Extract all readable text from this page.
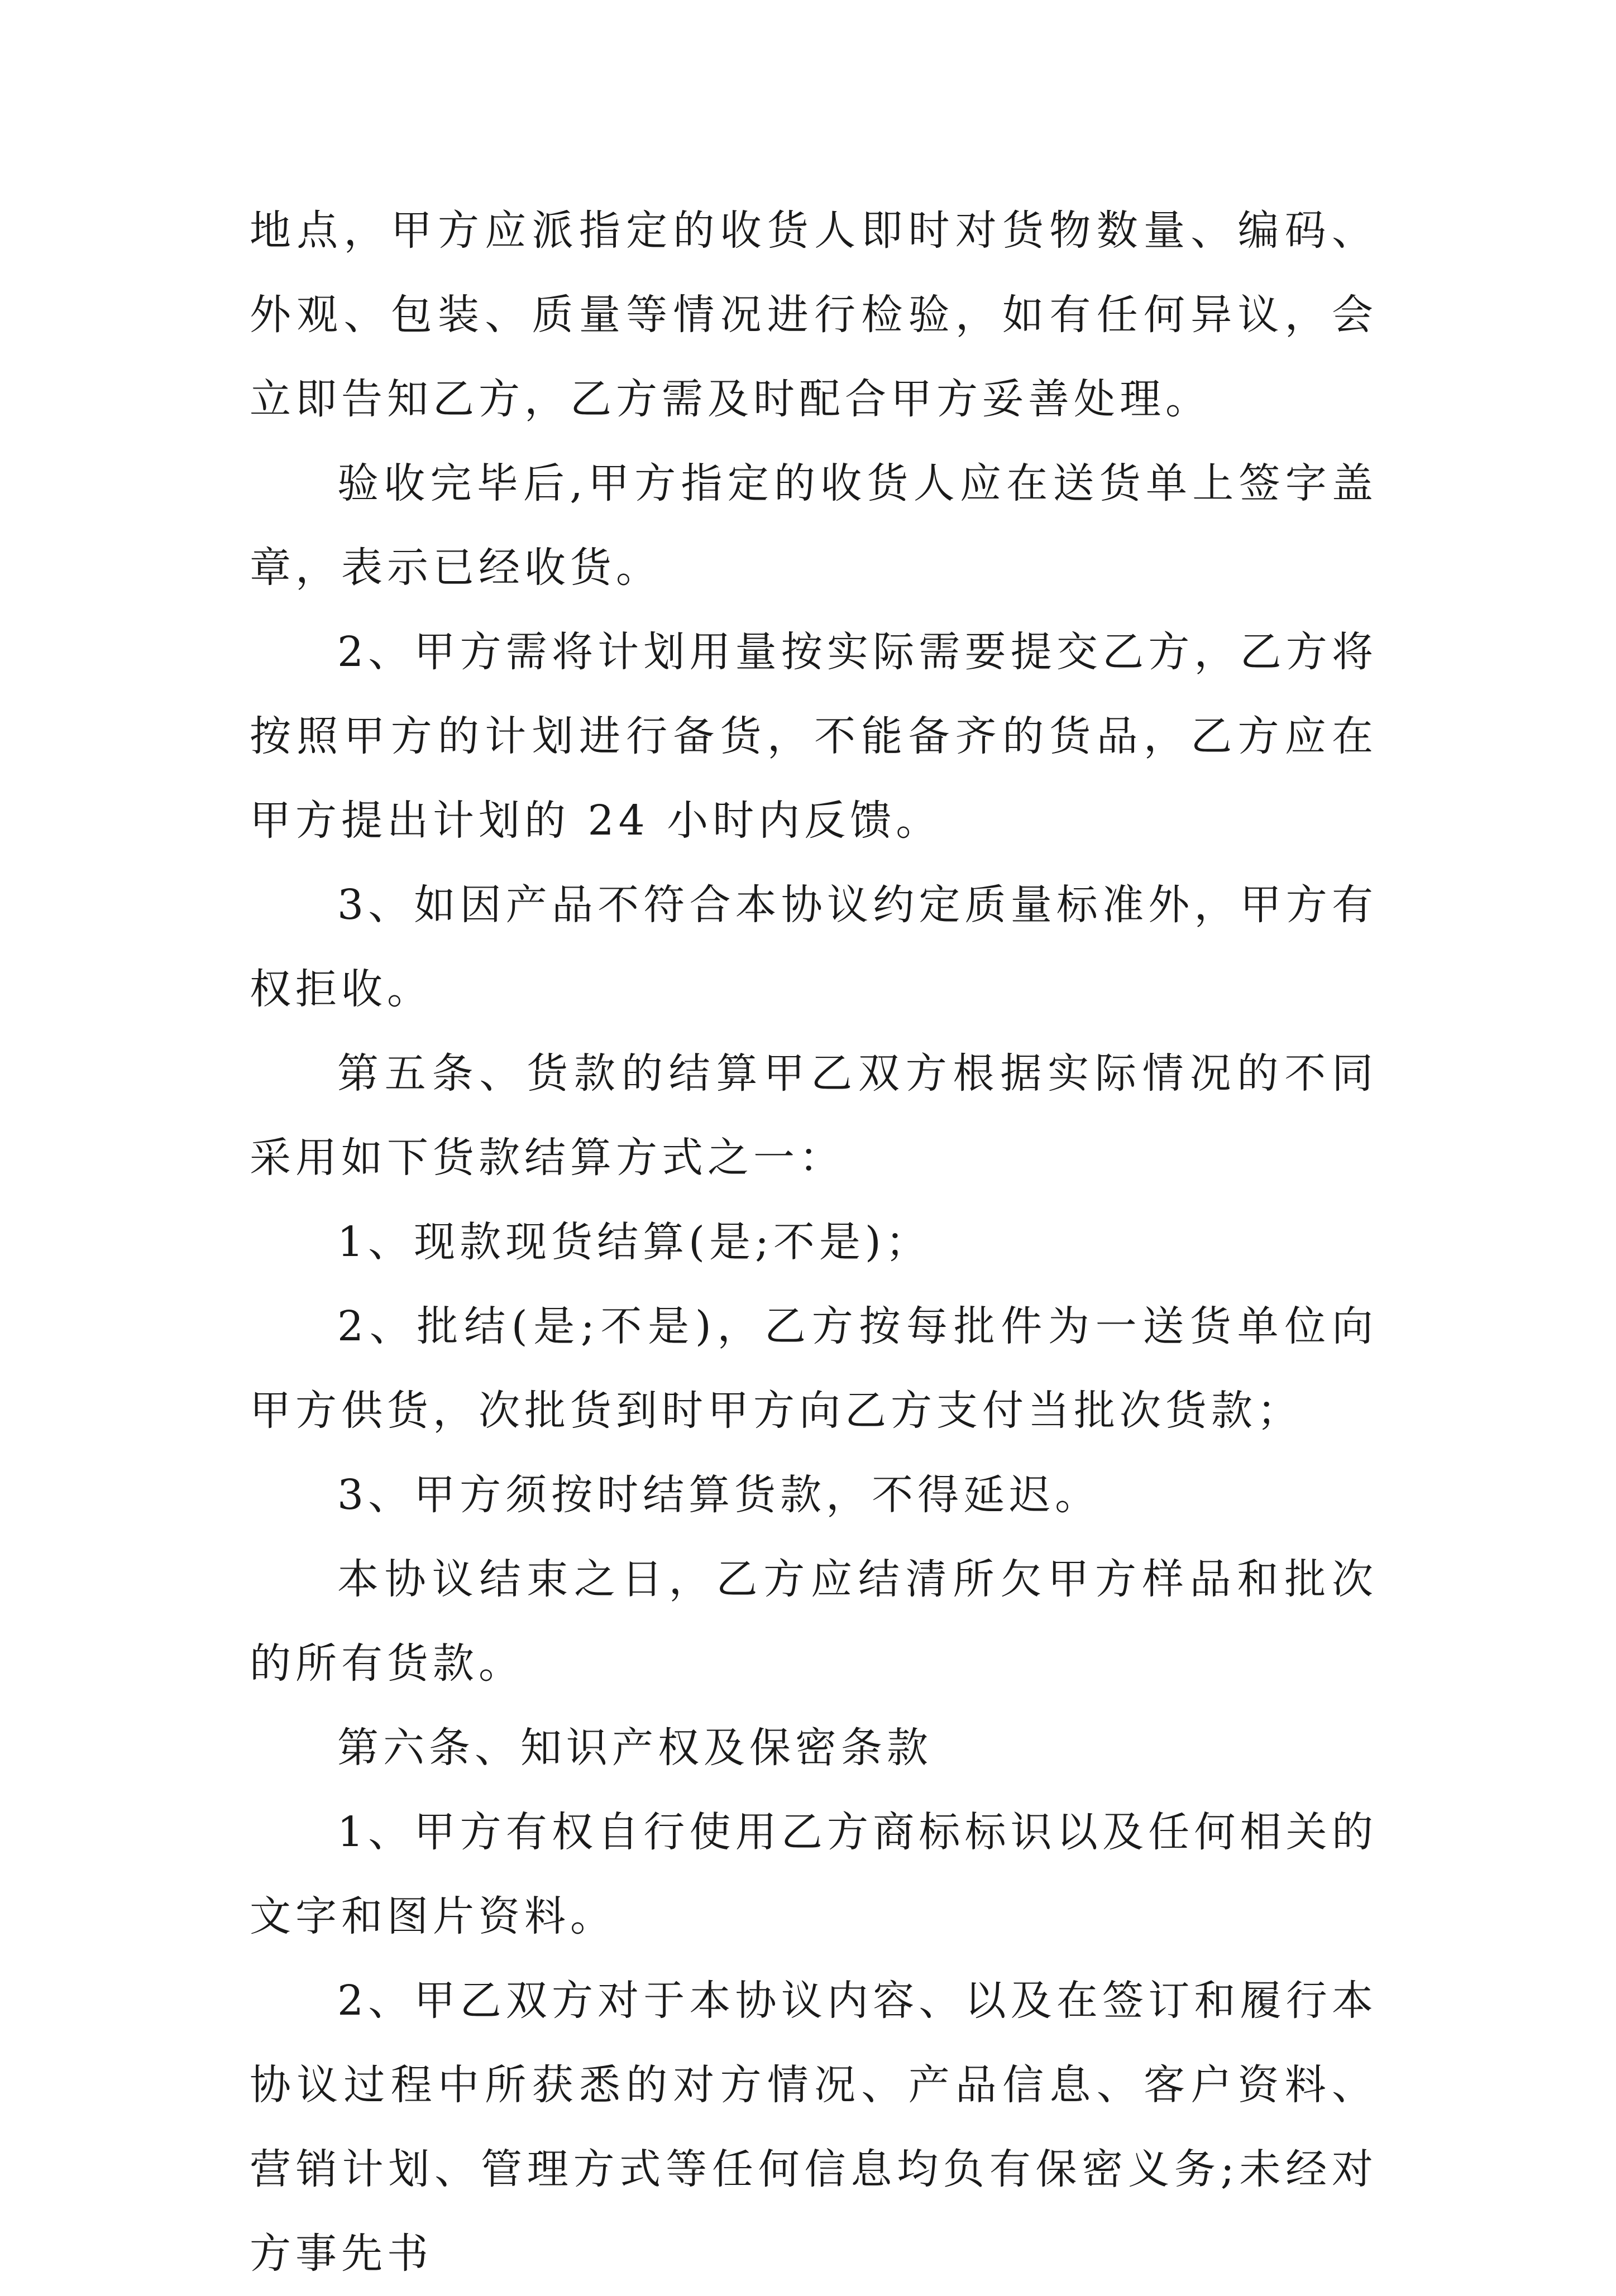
地点，甲方应派指定的收货人即时对货物数量、编码、外观、包装、质量等情况进行检验，如有任何异议，会立即告知乙方，乙方需及时配合甲方妥善处理。

验收完毕后,甲方指定的收货人应在送货单上签字盖章，表示已经收货。

2、甲方需将计划用量按实际需要提交乙方，乙方将按照甲方的计划进行备货，不能备齐的货品，乙方应在甲方提出计划的 24 小时内反馈。

3、如因产品不符合本协议约定质量标准外，甲方有权拒收。

第五条、货款的结算甲乙双方根据实际情况的不同采用如下货款结算方式之一：

1、现款现货结算(是;不是)；

2、批结(是;不是)，乙方按每批件为一送货单位向甲方供货，次批货到时甲方向乙方支付当批次货款；

3、甲方须按时结算货款，不得延迟。

本协议结束之日，乙方应结清所欠甲方样品和批次的所有货款。

第六条、知识产权及保密条款

1、甲方有权自行使用乙方商标标识以及任何相关的文字和图片资料。

2、甲乙双方对于本协议内容、以及在签订和履行本协议过程中所获悉的对方情况、产品信息、客户资料、营销计划、管理方式等任何信息均负有保密义务;未经对方事先书
